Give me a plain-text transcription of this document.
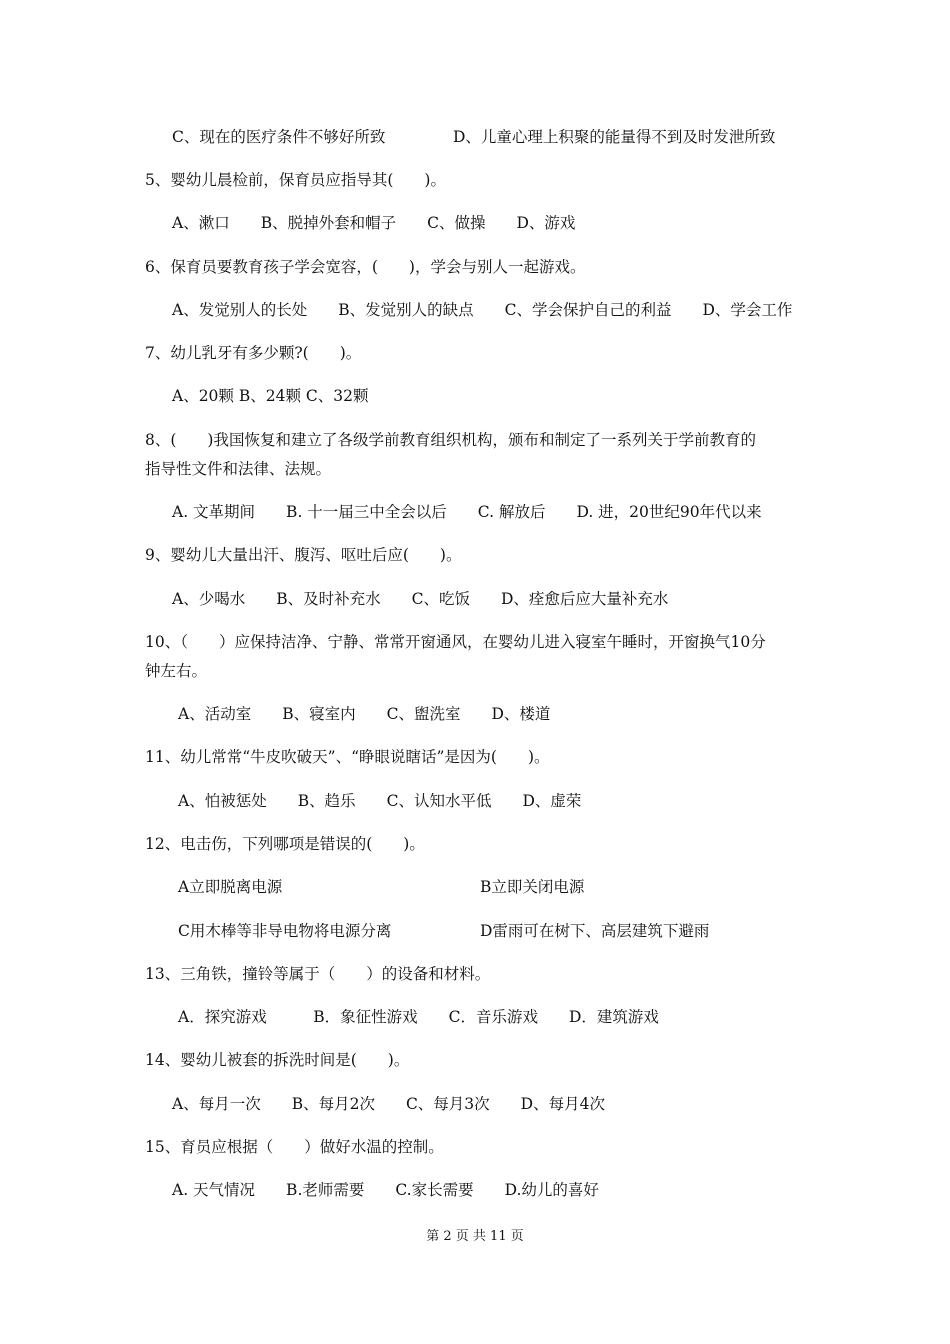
C、现在的医疗条件不够好所致	D、儿童心理上积聚的能量得不到及时发泄所致
5、婴幼儿晨检前，保育员应指导其(　　)。
A、漱口　　B、脱掉外套和帽子　　C、做操　　D、游戏
6、保育员要教育孩子学会宽容，(　　)，学会与别人一起游戏。
A、发觉别人的长处　　B、发觉别人的缺点　　C、学会保护自己的利益　　D、学会工作
7、幼儿乳牙有多少颗?(　　)。
A、20颗 B、24颗 C、32颗
8、(　　)我国恢复和建立了各级学前教育组织机构，颁布和制定了一系列关于学前教育的
指导性文件和法律、法规。
A. 文革期间　　B. 十一届三中全会以后　　C. 解放后　　D. 进，20世纪90年代以来
9、婴幼儿大量出汗、腹泻、呕吐后应(　　)。
A、少喝水　　B、及时补充水　　C、吃饭　　D、痊愈后应大量补充水
10、（　　）应保持洁净、宁静、常常开窗通风，在婴幼儿进入寝室午睡时，开窗换气10分
钟左右。
A、活动室　　B、寝室内　　C、盥洗室　　D、楼道
11、幼儿常常“牛皮吹破天”、“睁眼说瞎话”是因为(　　)。
A、怕被惩处　　B、趋乐　　C、认知水平低　　D、虚荣
12、电击伤，下列哪项是错误的(　　)。
A立即脱离电源	B立即关闭电源
C用木棒等非导电物将电源分离	D雷雨可在树下、高层建筑下避雨
13、三角铁，撞铃等属于（　　）的设备和材料。
A．探究游戏　　　B．象征性游戏　　C．音乐游戏　　D．建筑游戏
14、婴幼儿被套的拆洗时间是(　　)。
A、每月一次　　B、每月2次　　C、每月3次　　D、每月4次
15、育员应根据（　　）做好水温的控制。
A. 天气情况　　B.老师需要　　C.家长需要　　D.幼儿的喜好
第 2 页 共 11 页
